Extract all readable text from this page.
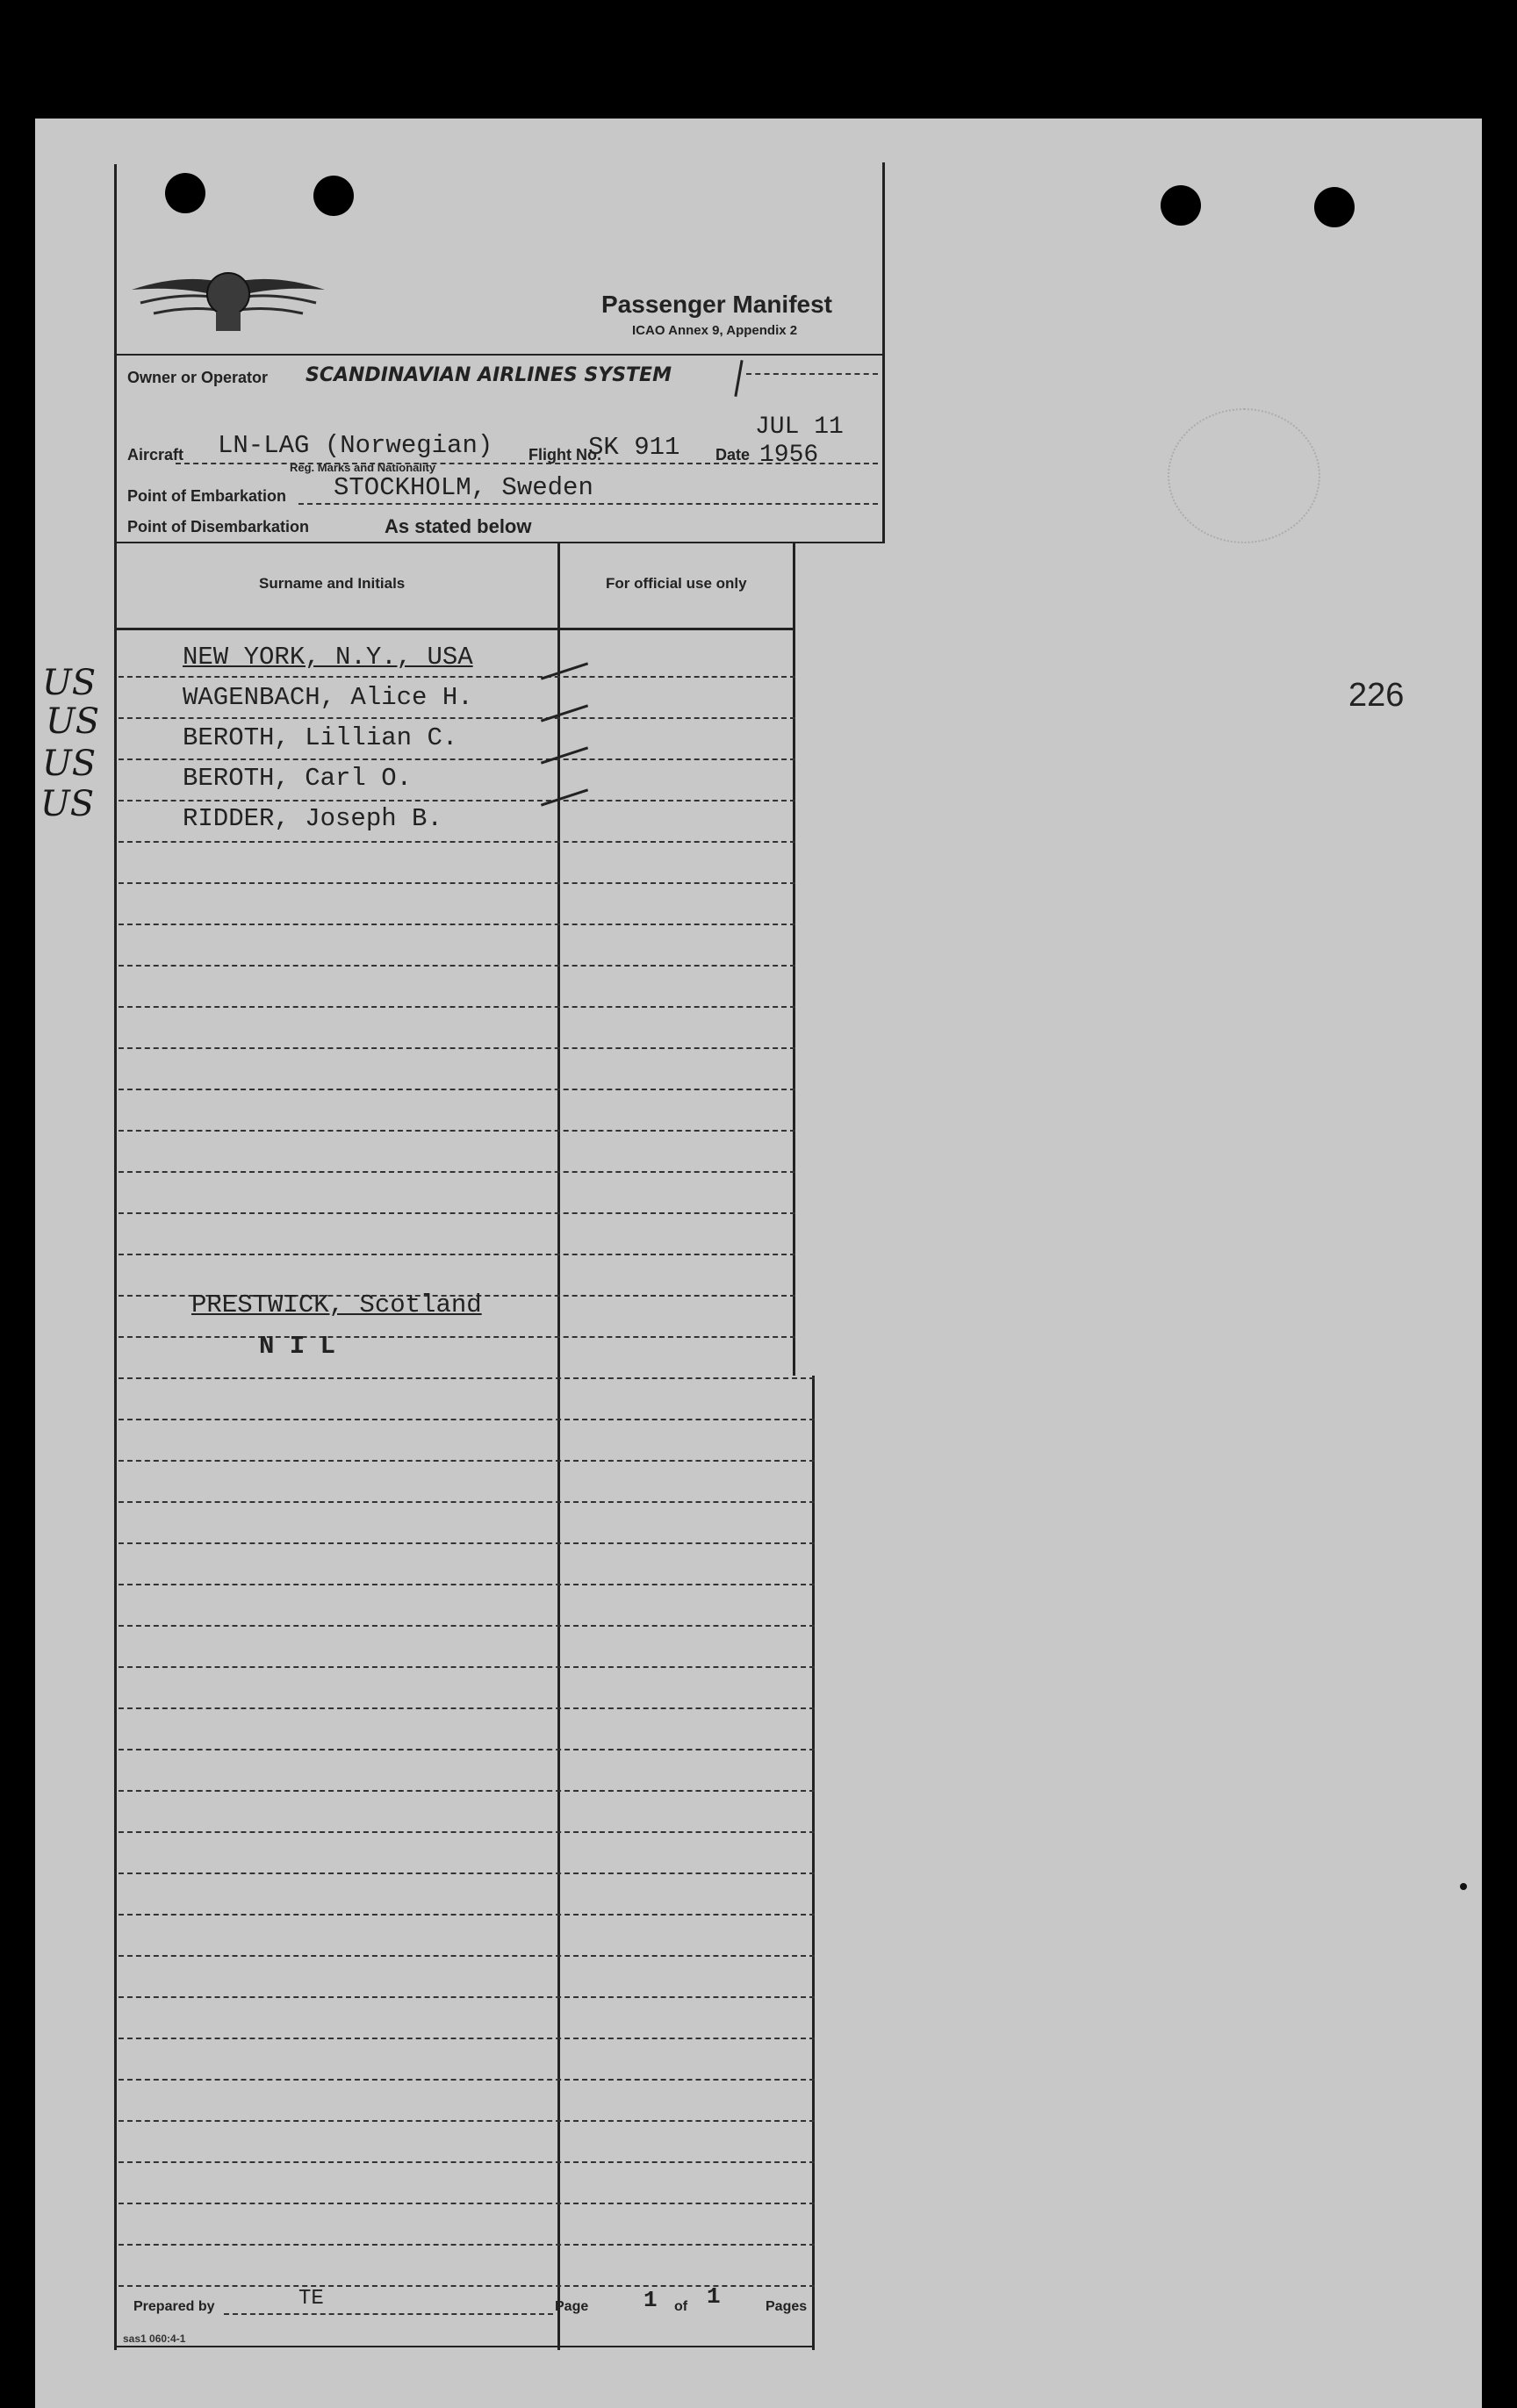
Passenger Manifest
ICAO Annex 9, Appendix 2
Owner or Operator SCANDINAVIAN AIRLINES SYSTEM
Aircraft LN-LAG (Norwegian)
Reg. Marks and Nationality
Flight No.
SK 911 Date
JUL 11
1956
Point of Embarkation STOCKHOLM, Sweden
Point of Disembarkation	As stated below
Surname and Initials	For official use only
NEW YORK, N.Y., USA
WAGENBACH, Alice H.
BEROTH, Lillian C.
BEROTH, Carl O.
RIDDER, Joseph B.
US
US
US
US
PRESTWICK, Scotland
N I L
226
Prepared by	TE	Page 1 of 1	Pages
sas1 060:4-1
